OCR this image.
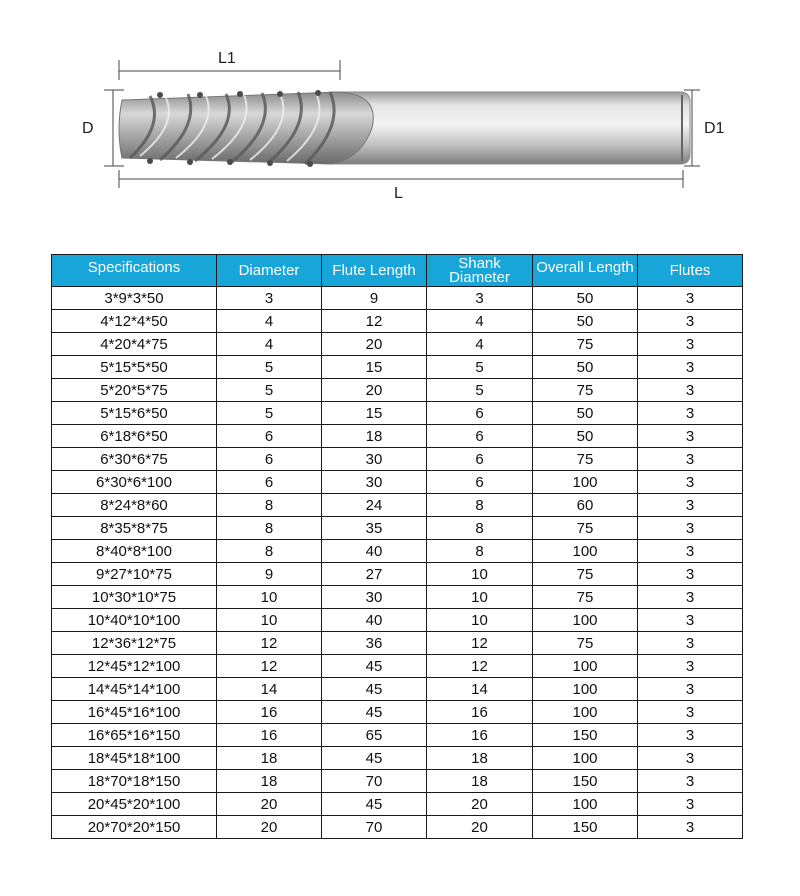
L1
D	D1
L
Specifications	Diameter	Flute Length	Shank Diameter	Overall Length	Flutes
3*9*3*50	3	9	3	50	3
4*12*4*50	4	12	4	50	3
4*20*4*75	4	20	4	75	3
5*15*5*50	5	15	5	50	3
5*20*5*75	5	20	5	75	3
5*15*6*50	5	15	6	50	3
6*18*6*50	6	18	6	50	3
6*30*6*75	6	30	6	75	3
6*30*6*100	6	30	6	100	3
8*24*8*60	8	24	8	60	3
8*35*8*75	8	35	8	75	3
8*40*8*100	8	40	8	100	3
9*27*10*75	9	27	10	75	3
10*30*10*75	10	30	10	75	3
10*40*10*100	10	40	10	100	3
12*36*12*75	12	36	12	75	3
12*45*12*100	12	45	12	100	3
14*45*14*100	14	45	14	100	3
16*45*16*100	16	45	16	100	3
16*65*16*150	16	65	16	150	3
18*45*18*100	18	45	18	100	3
18*70*18*150	18	70	18	150	3
20*45*20*100	20	45	20	100	3
20*70*20*150	20	70	20	150	3
